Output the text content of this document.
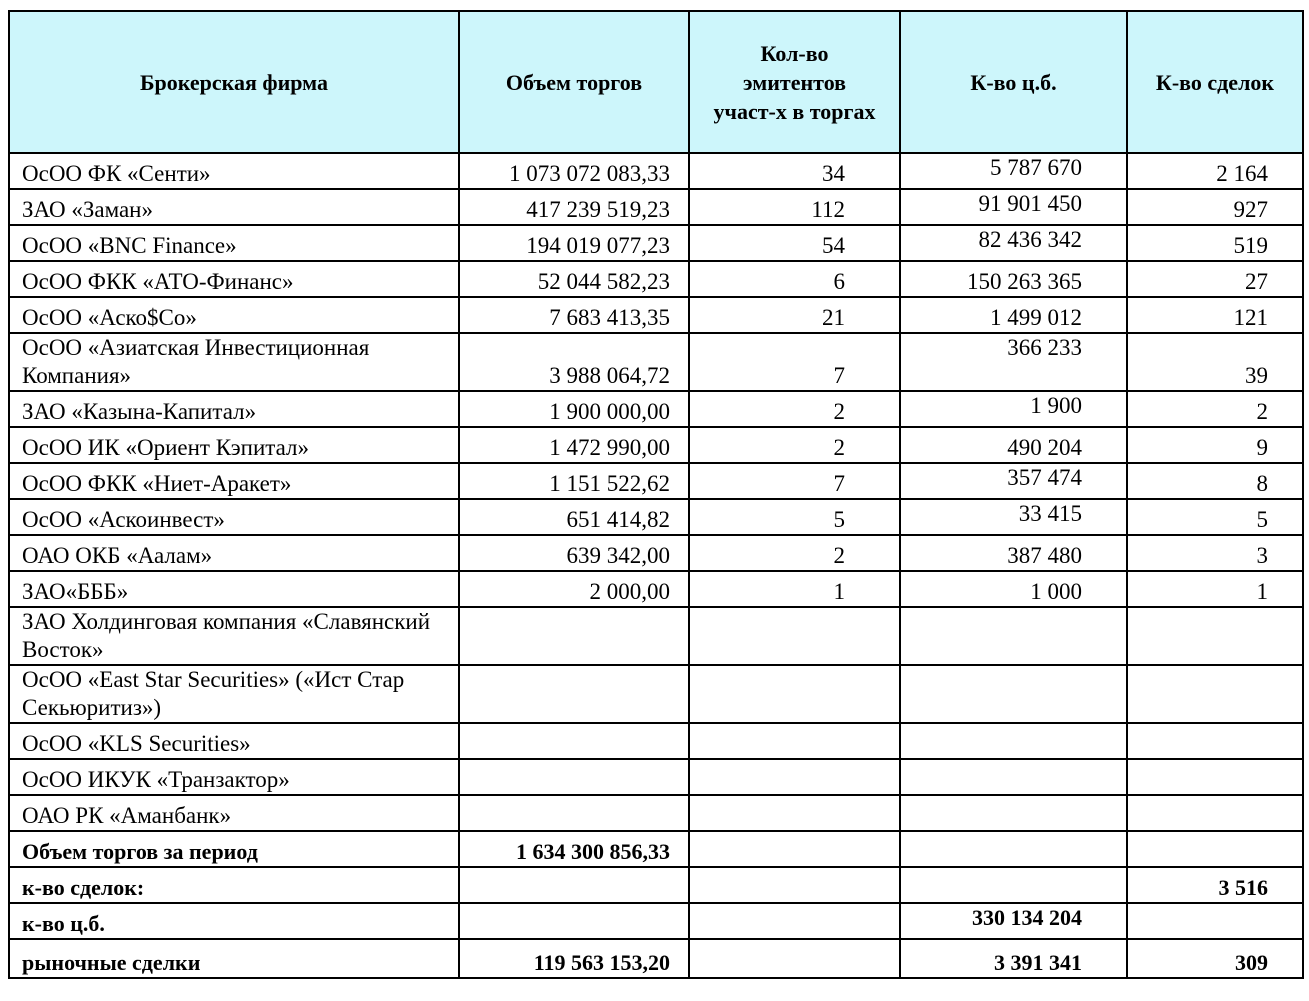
Брокерская фирма	Объем торгов	Кол-во эмитентов участ-х в торгах	К-во ц.б.	К-во сделок
ОсОО ФК «Сенти»	1 073 072 083,33	34	5 787 670	2 164
ЗАО «Заман»	417 239 519,23	112	91 901 450	927
ОсОО «BNC Finance»	194 019 077,23	54	82 436 342	519
ОсОО ФКК «АТО-Финанс»	52 044 582,23	6	150 263 365	27
ОсОО «Аско$Co»	7 683 413,35	21	1 499 012	121
ОсОО «Азиатская Инвестиционная Компания»	3 988 064,72	7	366 233	39
ЗАО «Казына-Капитал»	1 900 000,00	2	1 900	2
ОсОО ИК «Ориент Кэпитал»	1 472 990,00	2	490 204	9
ОсОО ФКК «Ниет-Аракет»	1 151 522,62	7	357 474	8
ОсОО «Аскоинвест»	651 414,82	5	33 415	5
ОАО ОКБ «Аалам»	639 342,00	2	387 480	3
ЗАО«БББ»	2 000,00	1	1 000	1
ЗАО Холдинговая компания «Славянский Восток»				
ОсОО «East Star Securities» («Ист Стар Секьюритиз»)				
ОсОО «KLS Securities»				
ОсОО ИКУК «Транзактор»				
ОАО РК «Аманбанк»				
Объем торгов за период	1 634 300 856,33			
к-во сделок:				3 516
к-во ц.б.			330 134 204	
рыночные сделки	119 563 153,20		3 391 341	309
